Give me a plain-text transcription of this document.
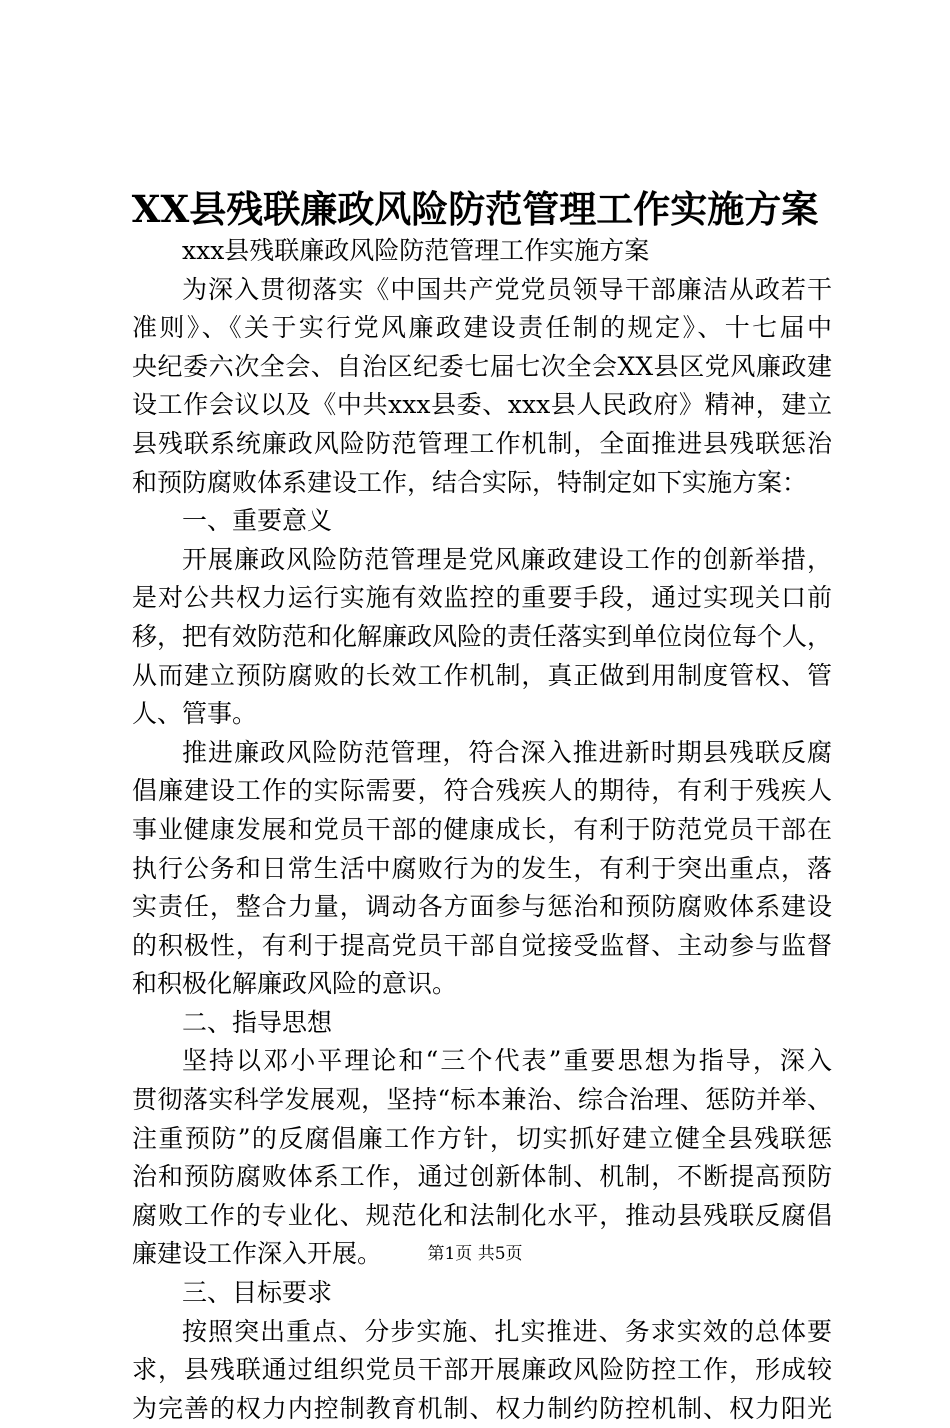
XX县残联廉政风险防范管理工作实施方案
xxx县残联廉政风险防范管理工作实施方案
为深入贯彻落实《中国共产党党员领导干部廉洁从政若干
准则》、《关于实行党风廉政建设责任制的规定》、十七届中
央纪委六次全会、自治区纪委七届七次全会XX县区党风廉政建
设工作会议以及《中共xxx县委、xxx县人民政府》精神，建立
县残联系统廉政风险防范管理工作机制，全面推进县残联惩治
和预防腐败体系建设工作，结合实际，特制定如下实施方案：
一、重要意义
开展廉政风险防范管理是党风廉政建设工作的创新举措，
是对公共权力运行实施有效监控的重要手段，通过实现关口前
移，把有效防范和化解廉政风险的责任落实到单位岗位每个人，
从而建立预防腐败的长效工作机制，真正做到用制度管权、管
人、管事。
推进廉政风险防范管理，符合深入推进新时期县残联反腐
倡廉建设工作的实际需要，符合残疾人的期待，有利于残疾人
事业健康发展和党员干部的健康成长，有利于防范党员干部在
执行公务和日常生活中腐败行为的发生，有利于突出重点，落
实责任，整合力量，调动各方面参与惩治和预防腐败体系建设
的积极性，有利于提高党员干部自觉接受监督、主动参与监督
和积极化解廉政风险的意识。
二、指导思想
坚持以邓小平理论和“三个代表”重要思想为指导，深入
贯彻落实科学发展观，坚持“标本兼治、综合治理、惩防并举、
注重预防”的反腐倡廉工作方针，切实抓好建立健全县残联惩
治和预防腐败体系工作，通过创新体制、机制，不断提高预防
腐败工作的专业化、规范化和法制化水平，推动县残联反腐倡
廉建设工作深入开展。
三、目标要求
按照突出重点、分步实施、扎实推进、务求实效的总体要
求，县残联通过组织党员干部开展廉政风险防控工作，形成较
为完善的权力内控制教育机制、权力制约防控机制、权力阳光
第1页 共5页
